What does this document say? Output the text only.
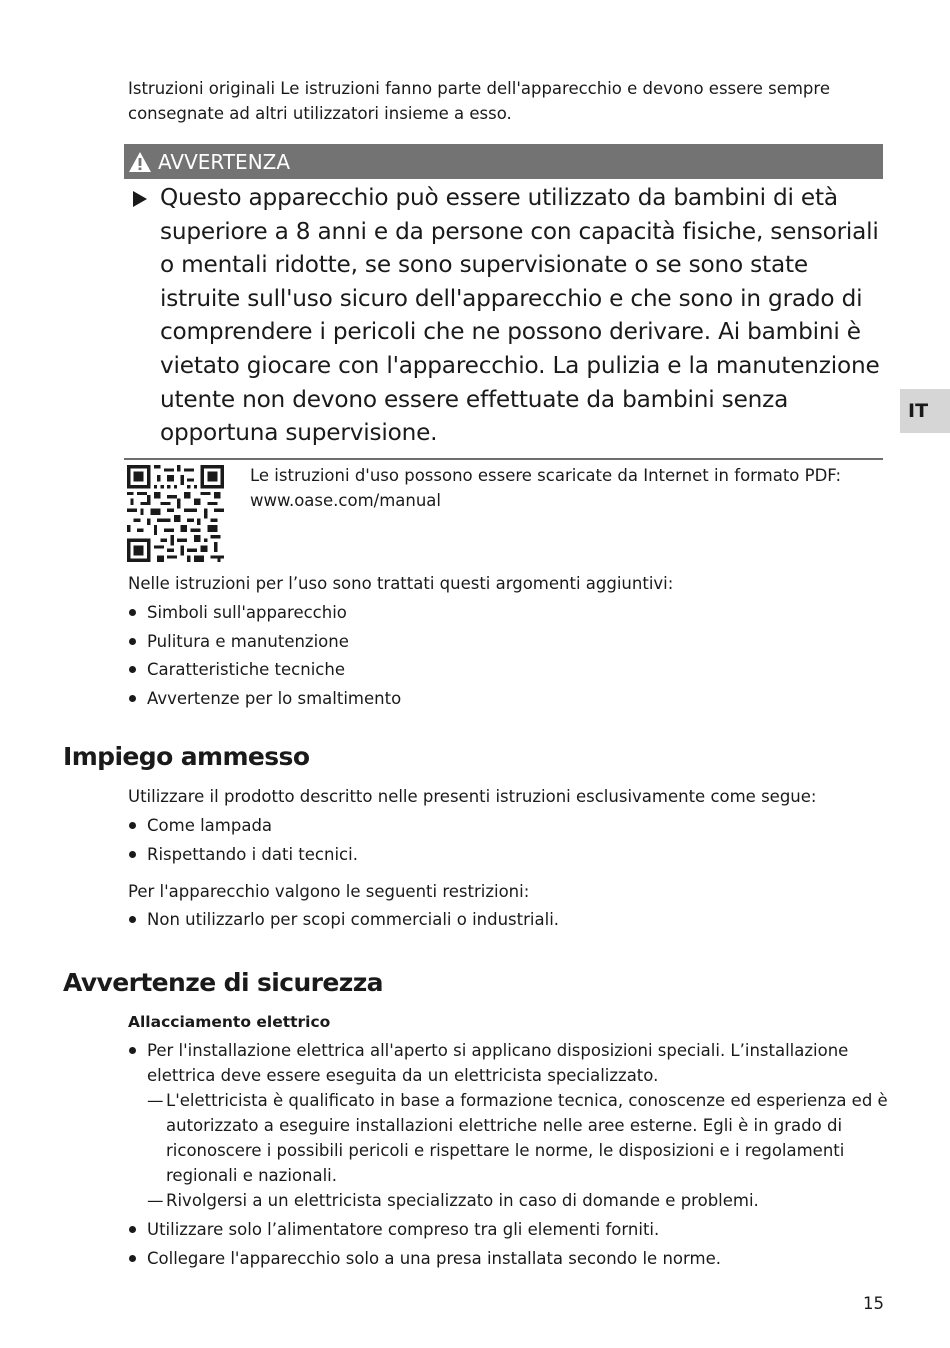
Istruzioni originali Le istruzioni fanno parte dell'apparecchio e devono essere sempre consegnate ad altri utilizzatori insieme a esso.

AVVERTENZA

Questo apparecchio può essere utilizzato da bambini di età superiore a 8 anni e da persone con capacità fisiche, sensoriali o mentali ridotte, se sono supervisionate o se sono state istruite sull'uso sicuro dell'apparecchio e che sono in grado di comprendere i pericoli che ne possono derivare. Ai bambini è vietato giocare con l'apparecchio. La pulizia e la manutenzione utente non devono essere effettuate da bambini senza opportuna supervisione.

IT
Le istruzioni d'uso possono essere scaricate da Internet in formato PDF:
www.oase.com/manual

Nelle istruzioni per l’uso sono trattati questi argomenti aggiuntivi:

Simboli sull'apparecchio
Pulitura e manutenzione
Caratteristiche tecniche
Avvertenze per lo smaltimento
Impiego ammesso

Utilizzare il prodotto descritto nelle presenti istruzioni esclusivamente come segue:

Come lampada
Rispettando i dati tecnici.

Per l'apparecchio valgono le seguenti restrizioni:

Non utilizzarlo per scopi commerciali o industriali.
Avvertenze di sicurezza

Allacciamento elettrico

Per l'installazione elettrica all'aperto si applicano disposizioni speciali. L’installazione elettrica deve essere eseguita da un elettricista specializzato.
— L'elettricista è qualificato in base a formazione tecnica, conoscenze ed esperienza ed è autorizzato a eseguire installazioni elettriche nelle aree esterne. Egli è in grado di riconoscere i possibili pericoli e rispettare le norme, le disposizioni e i regolamenti regionali e nazionali.
— Rivolgersi a un elettricista specializzato in caso di domande e problemi.
Utilizzare solo l’alimentatore compreso tra gli elementi forniti.
Collegare l'apparecchio solo a una presa installata secondo le norme.
15
